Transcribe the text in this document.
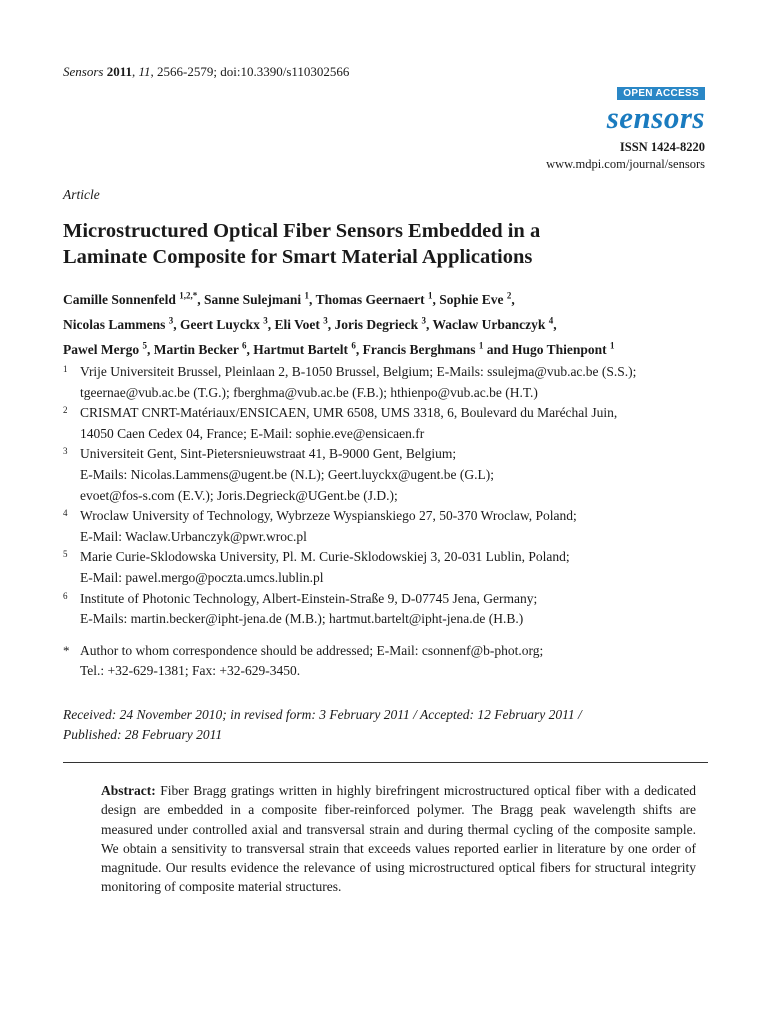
Sensors 2011, 11, 2566-2579; doi:10.3390/s110302566
OPEN ACCESS
sensors
ISSN 1424-8220
www.mdpi.com/journal/sensors
Article
Microstructured Optical Fiber Sensors Embedded in a
Laminate Composite for Smart Material Applications

Camille Sonnenfeld $^{1,2,*}$, Sanne Sulejmani $^1$, Thomas Geernaert $^1$, Sophie Eve $^2$,
Nicolas Lammens $^3$, Geert Luyckx $^3$, Eli Voet $^3$, Joris Degrieck $^3$, Waclaw Urbanczyk $^4$,
Pawel Mergo $^5$, Martin Becker $^6$, Hartmut Bartelt $^6$, Francis Berghmans $^1$ and Hugo Thienpont $^1$

1 Vrije Universiteit Brussel, Pleinlaan 2, B-1050 Brussel, Belgium; E-Mails: ssulejma@vub.ac.be (S.S.);
tgeernae@vub.ac.be (T.G.); fberghma@vub.ac.be (F.B.); hthienpo@vub.ac.be (H.T.)
2 CRISMAT CNRT-Matériaux/ENSICAEN, UMR 6508, UMS 3318, 6, Boulevard du Maréchal Juin,
14050 Caen Cedex 04, France; E-Mail: sophie.eve@ensicaen.fr
3 Universiteit Gent, Sint-Pietersnieuwstraat 41, B-9000 Gent, Belgium;
E-Mails: Nicolas.Lammens@ugent.be (N.L); Geert.luyckx@ugent.be (G.L);
evoet@fos-s.com (E.V.); Joris.Degrieck@UGent.be (J.D.);
4 Wroclaw University of Technology, Wybrzeze Wyspianskiego 27, 50-370 Wroclaw, Poland;
E-Mail: Waclaw.Urbanczyk@pwr.wroc.pl
5 Marie Curie-Sklodowska University, Pl. M. Curie-Sklodowskiej 3, 20-031 Lublin, Poland;
E-Mail: pawel.mergo@poczta.umcs.lublin.pl
6 Institute of Photonic Technology, Albert-Einstein-Straße 9, D-07745 Jena, Germany;
E-Mails: martin.becker@ipht-jena.de (M.B.); hartmut.bartelt@ipht-jena.de (H.B.)
* Author to whom correspondence should be addressed; E-Mail: csonnenf@b-phot.org;
Tel.: +32-629-1381; Fax: +32-629-3450.

Received: 24 November 2010; in revised form: 3 February 2011 / Accepted: 12 February 2011 /
Published: 28 February 2011

Abstract: Fiber Bragg gratings written in highly birefringent microstructured optical fiber with a dedicated design are embedded in a composite fiber-reinforced polymer. The Bragg peak wavelength shifts are measured under controlled axial and transversal strain and during thermal cycling of the composite sample. We obtain a sensitivity to transversal strain that exceeds values reported earlier in literature by one order of magnitude. Our results evidence the relevance of using microstructured optical fibers for structural integrity monitoring of composite material structures.
